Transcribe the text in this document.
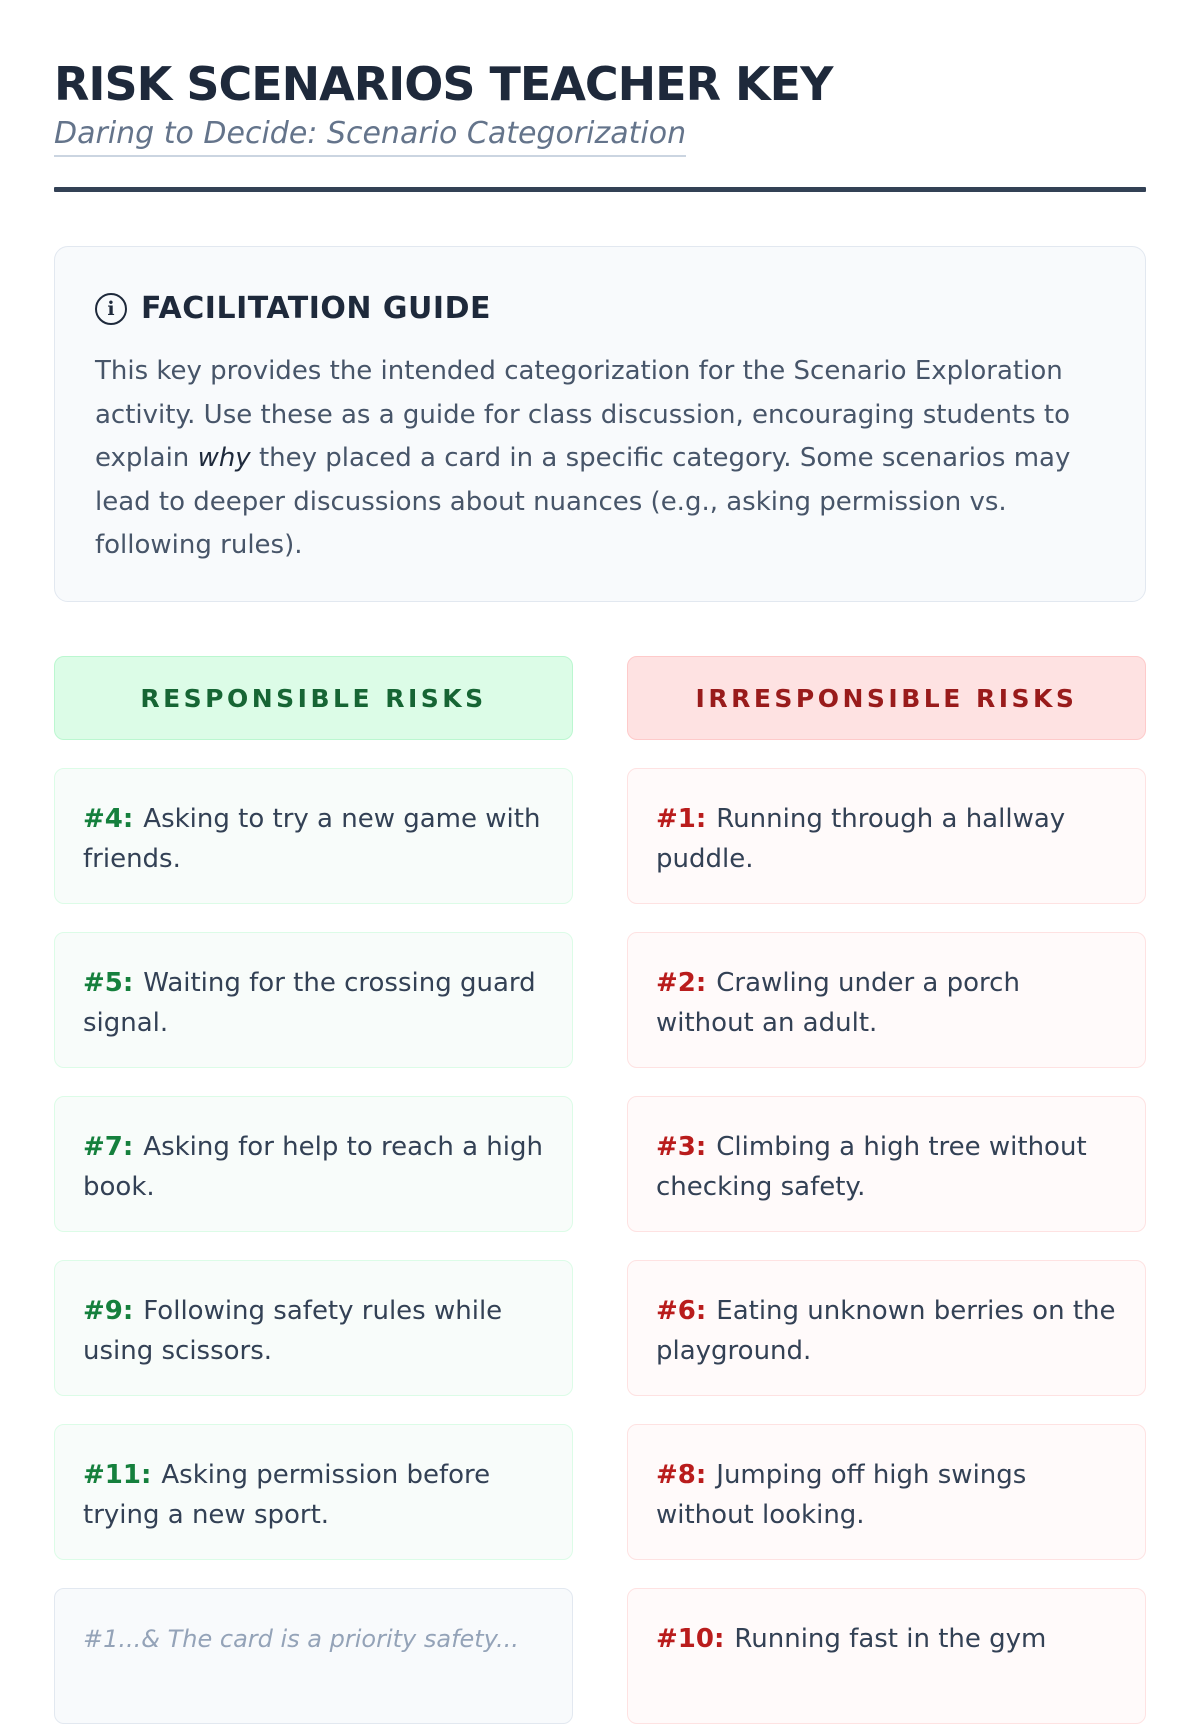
RISK SCENARIOS TEACHER KEY
Daring to Decide: Scenario Categorization
i FACILITATION GUIDE

This key provides the intended categorization for the Scenario Exploration activity. Use these as a guide for class discussion, encouraging students to explain why they placed a card in a specific category. Some scenarios may lead to deeper discussions about nuances (e.g., asking permission vs. following rules).

RESPONSIBLE RISKS
#4: Asking to try a new game with friends.
#5: Waiting for the crossing guard signal.
#7: Asking for help to reach a high book.
#9: Following safety rules while using scissors.
#11: Asking permission before trying a new sport.
#1...& The card is a priority safety...
IRRESPONSIBLE RISKS
#1: Running through a hallway puddle.
#2: Crawling under a porch without an adult.
#3: Climbing a high tree without checking safety.
#6: Eating unknown berries on the playground.
#8: Jumping off high swings without looking.
#10: Running fast in the gym
